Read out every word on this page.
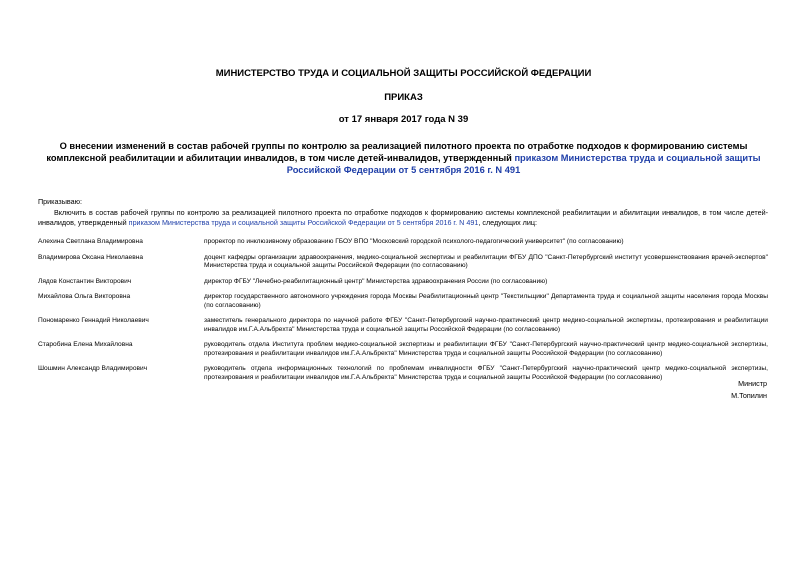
МИНИСТЕРСТВО ТРУДА И СОЦИАЛЬНОЙ ЗАЩИТЫ РОССИЙСКОЙ ФЕДЕРАЦИИ
ПРИКАЗ
от 17 января 2017 года N 39
О внесении изменений в состав рабочей группы по контролю за реализацией пилотного проекта по отработке подходов к формированию системы комплексной реабилитации и абилитации инвалидов, в том числе детей-инвалидов, утвержденный приказом Министерства труда и социальной защиты Российской Федерации от 5 сентября 2016 г. N 491
Приказываю:
Включить в состав рабочей группы по контролю за реализацией пилотного проекта по отработке подходов к формированию системы комплексной реабилитации и абилитации инвалидов, в том числе детей-инвалидов, утвержденный приказом Министерства труда и социальной защиты Российской Федерации от 5 сентября 2016 г. N 491, следующих лиц:
Алехина Светлана Владимировна	проректор по инклюзивному образованию ГБОУ ВПО "Московский городской психолого-педагогический университет" (по согласованию)
Владимирова Оксана Николаевна	доцент кафедры организации здравоохранения, медико-социальной экспертизы и реабилитации ФГБУ ДПО "Санкт-Петербургский институт усовершенствования врачей-экспертов" Министерства труда и социальной защиты Российской Федерации (по согласованию)
Лядов Константин Викторович	директор ФГБУ "Лечебно-реабилитационный центр" Министерства здравоохранения России (по согласованию)
Михайлова Ольга Викторовна	директор государственного автономного учреждения города Москвы Реабилитационный центр "Текстильщики" Департамента труда и социальной защиты населения города Москвы (по согласованию)
Пономаренко Геннадий Николаевич	заместитель генерального директора по научной работе ФГБУ "Санкт-Петербургский научно-практический центр медико-социальной экспертизы, протезирования и реабилитации инвалидов им.Г.А.Альбрехта" Министерства труда и социальной защиты Российской Федерации (по согласованию)
Старобина Елена Михайловна	руководитель отдела Института проблем медико-социальной экспертизы и реабилитации ФГБУ "Санкт-Петербургский научно-практический центр медико-социальной экспертизы, протезирования и реабилитации инвалидов им.Г.А.Альбрехта" Министерства труда и социальной защиты Российской Федерации (по согласованию)
Шошмин Александр Владимирович	руководитель отдела информационных технологий по проблемам инвалидности ФГБУ "Санкт-Петербургский научно-практический центр медико-социальной экспертизы, протезирования и реабилитации инвалидов им.Г.А.Альбрехта" Министерства труда и социальной защиты Российской Федерации (по согласованию)
Министр
М.Топилин
